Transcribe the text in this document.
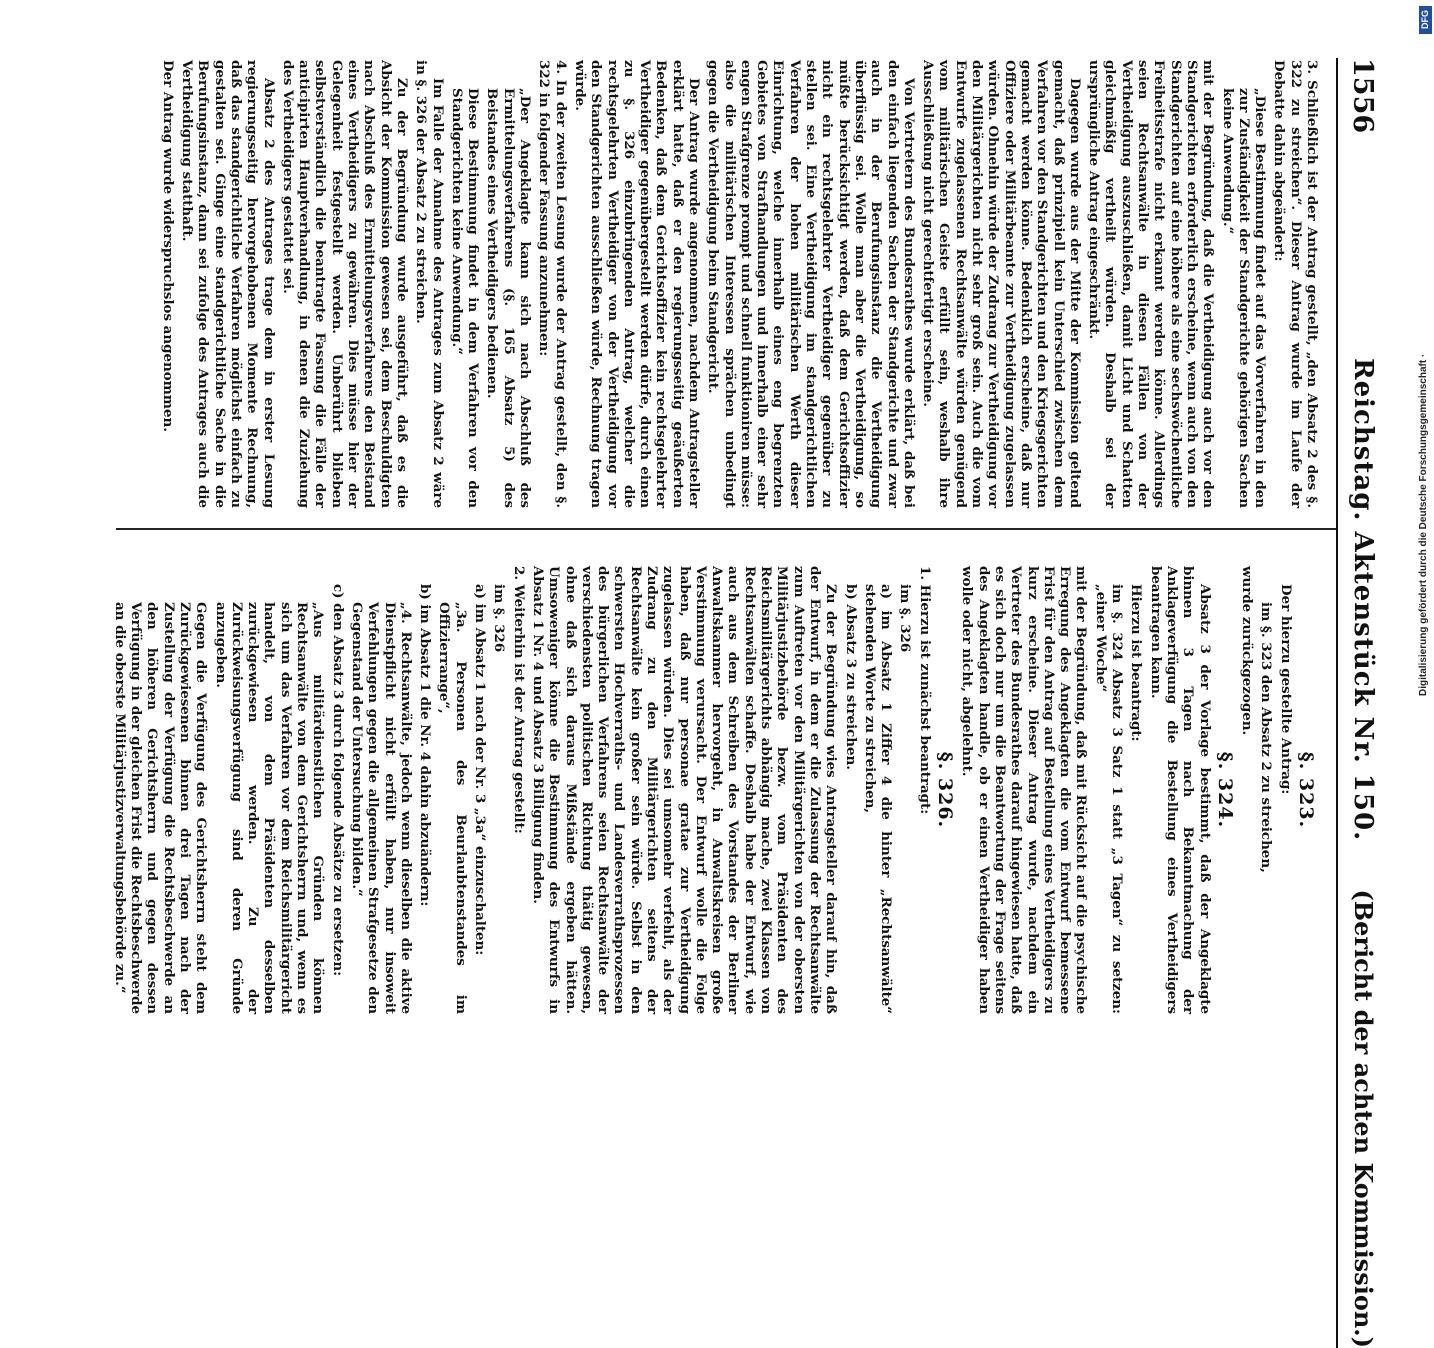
1556
Reichstag. Aktenstück Nr. 150.
(Bericht der achten Kommission.)

3. Schließlich ist der Antrag gestellt, „den Absatz 2 des §. 322 zu streichen“. Dieser Antrag wurde im Laufe der Debatte dahin abgeändert:

„Diese Bestimmung findet auf das Vorverfahren in den zur Zuständigkeit der Standgerichte gehörigen Sachen keine Anwendung.“

mit der Begründung, daß die Vertheidigung auch vor den Standgerichten erforderlich erscheine, wenn auch von den Standgerichten auf eine höhere als eine sechswöchentliche Freiheitsstrafe nicht erkannt werden könne. Allerdings seien Rechtsanwälte in diesen Fällen von der Vertheidigung auszuschließen, damit Licht und Schatten gleichmäßig vertheilt würden. Deshalb sei der ursprüngliche Antrag eingeschränkt.

Dagegen wurde aus der Mitte der Kommission geltend gemacht, daß prinzipiell kein Unterschied zwischen dem Verfahren vor den Standgerichten und den Kriegsgerichten gemacht werden könne. Bedenklich erscheine, daß nur Offiziere oder Militärbeamte zur Vertheidigung zugelassen würden. Ohnehin würde der Zudrang zur Vertheidigung vor den Militärgerichten nicht sehr groß sein. Auch die vom Entwurfe zugelassenen Rechtsanwälte würden genügend vom militärischen Geiste erfüllt sein, weshalb ihre Ausschließung nicht gerechtfertigt erscheine.

Von Vertretern des Bundesrathes wurde erklärt, daß bei den einfach liegenden Sachen der Standgerichte und zwar auch in der Berufungsinstanz die Vertheidigung überflüssig sei. Wolle man aber die Vertheidigung, so müßte berücksichtigt werden, daß dem Gerichtsoffizier nicht ein rechtsgelehrter Vertheidiger gegenüber zu stellen sei. Eine Vertheidigung im standgerichtlichen Verfahren der hohen militärischen Werth dieser Einrichtung, welche innerhalb eines eng begrenzten Gebietes von Strafhandlungen und innerhalb einer sehr engen Strafgrenze prompt und schnell funktioniren müsse: also die militärischen Interessen sprächen unbedingt gegen die Vertheidigung beim Standgericht.

Der Antrag wurde angenommen, nachdem Antragsteller erklärt hatte, daß er den regierungsseitig geäußerten Bedenken, daß dem Gerichtsoffizier kein rechtsgelehrter Vertheidiger gegenübergestellt werden dürfe, durch einen zu §. 326 einzubringenden Antrag, welcher die rechtsgelehrten Vertheidiger von der Vertheidigung vor den Standgerichten ausschließen würde, Rechnung tragen würde.

4. In der zweiten Lesung wurde der Antrag gestellt, den §. 322 in folgender Fassung anzunehmen:

„Der Angeklagte kann sich nach Abschluß des Ermittelungsverfahrens (§. 165 Absatz 5) des Beistandes eines Vertheidigers bedienen.

Diese Bestimmung findet in dem Verfahren vor den Standgerichten keine Anwendung.“

Im Falle der Annahme des Antrages zum Absatz 2 wäre in §. 326 der Absatz 2 zu streichen.

Zu der Begründung wurde ausgeführt, daß es die Absicht der Kommission gewesen sei, dem Beschuldigten nach Abschluß des Ermittelungsverfahrens den Beistand eines Vertheidigers zu gewähren. Dies müsse hier der Gelegenheit festgestellt werden. Unberührt blieben selbstverständlich die beantragte Fassung die Fälle der anticipirten Hauptverhandlung, in denen die Zuziehung des Vertheidigers gestattet sei.

Absatz 2 des Antrages trage dem in erster Lesung regierungsseitig hervorgehobenen Momente Rechnung, daß das standgerichtliche Verfahren möglichst einfach zu gestalten sei. Ginge eine standgerichtliche Sache in die Berufungsinstanz, dann sei zufolge des Antrages auch die Vertheidigung statthaft.

Der Antrag wurde widerspruchslos angenommen.

§. 323.

Der hierzu gestellte Antrag:

im §. 323 den Absatz 2 zu streichen,

wurde zurückgezogen.

§. 324.

Absatz 3 der Vorlage bestimmt, daß der Angeklagte binnen 3 Tagen nach Bekanntmachung der Anklageverfügung die Bestellung eines Vertheidigers beantragen kann.

Hierzu ist beantragt:

im §. 324 Absatz 3 Satz 1 statt „3 Tagen“ zu setzen: „einer Woche“

mit der Begründung, daß mit Rücksicht auf die psychische Erregung des Angeklagten die vom Entwurf bemessene Frist für den Antrag auf Bestellung eines Vertheidigers zu kurz erscheine. Dieser Antrag wurde, nachdem ein Vertreter des Bundesrathes darauf hingewiesen hatte, daß es sich doch nur um die Beantwortung der Frage seitens des Angeklagten handle, ob er einen Vertheidiger haben wolle oder nicht, abgelehnt.

§. 326.

1. Hierzu ist zunächst beantragt:

im §. 326

a) im Absatz 1 Ziffer 4 die hinter „Rechtsanwälte“ stehenden Worte zu streichen,

b) Absatz 3 zu streichen.

Zu der Begründung wies Antragsteller darauf hin, daß der Entwurf, in dem er die Zulassung der Rechtsanwälte zum Auftreten vor den Militärgerichten von der obersten Militärjustizbehörde bezw. vom Präsidenten des Reichsmilitärgerichts abhängig mache, zwei Klassen von Rechtsanwälten schaffe. Deshalb habe der Entwurf, wie auch aus dem Schreiben des Vorstandes der Berliner Anwaltskammer hervorgeht, in Anwaltskreisen große Verstimmung verursacht. Der Entwurf wolle die Folge haben, daß nur personae gratae zur Vertheidigung zugelassen würden. Dies sei umsomehr verfehlt, als der Zudrang zu den Militärgerichten seitens der Rechtsanwälte kein großer sein würde. Selbst in den schwersten Hochverraths- und Landesverrathsprozessen des bürgerlichen Verfahrens seien Rechtsanwälte der verschiedensten politischen Richtung thätig gewesen, ohne daß sich daraus Mißstände ergeben hätten. Umsoweniger könne die Bestimmung des Entwurfs in Absatz 1 Nr. 4 und Absatz 3 Billigung finden.

2. Weiterhin ist der Antrag gestellt:

im §. 326

a) im Absatz 1 nach der Nr. 3 „3a“ einzuschalten:

„3a. Personen des Beurlaubtenstandes im Offizierrange“,

b) im Absatz 1 die Nr. 4 dahin abzuändern:

„4. Rechtsanwälte, jedoch wenn dieselben die aktive Dienstpflicht nicht erfüllt haben, nur insoweit Verfehlungen gegen die allgemeinen Strafgesetze den Gegenstand der Untersuchung bilden.“

c) den Absatz 3 durch folgende Absätze zu ersetzen:

„Aus militärdienstlichen Gründen können Rechtsanwälte von dem Gerichtsherrn und, wenn es sich um das Verfahren vor dem Reichsmilitärgericht handelt, von dem Präsidenten desselben zurückgewiesen werden. Zu der Zurückweisungsverfügung sind deren Gründe anzugeben.

Gegen die Verfügung des Gerichtsherrn steht dem Zurückgewiesenen binnen drei Tagen nach der Zustellung der Verfügung die Rechtsbeschwerde an den höheren Gerichtsherrn und gegen dessen Verfügung in der gleichen Frist die Rechtsbeschwerde an die oberste Militärjustizverwaltungsbehörde zu.“

Digitalisierung gefördert durch die Deutsche Forschungsgemeinschaft ·
DFG
